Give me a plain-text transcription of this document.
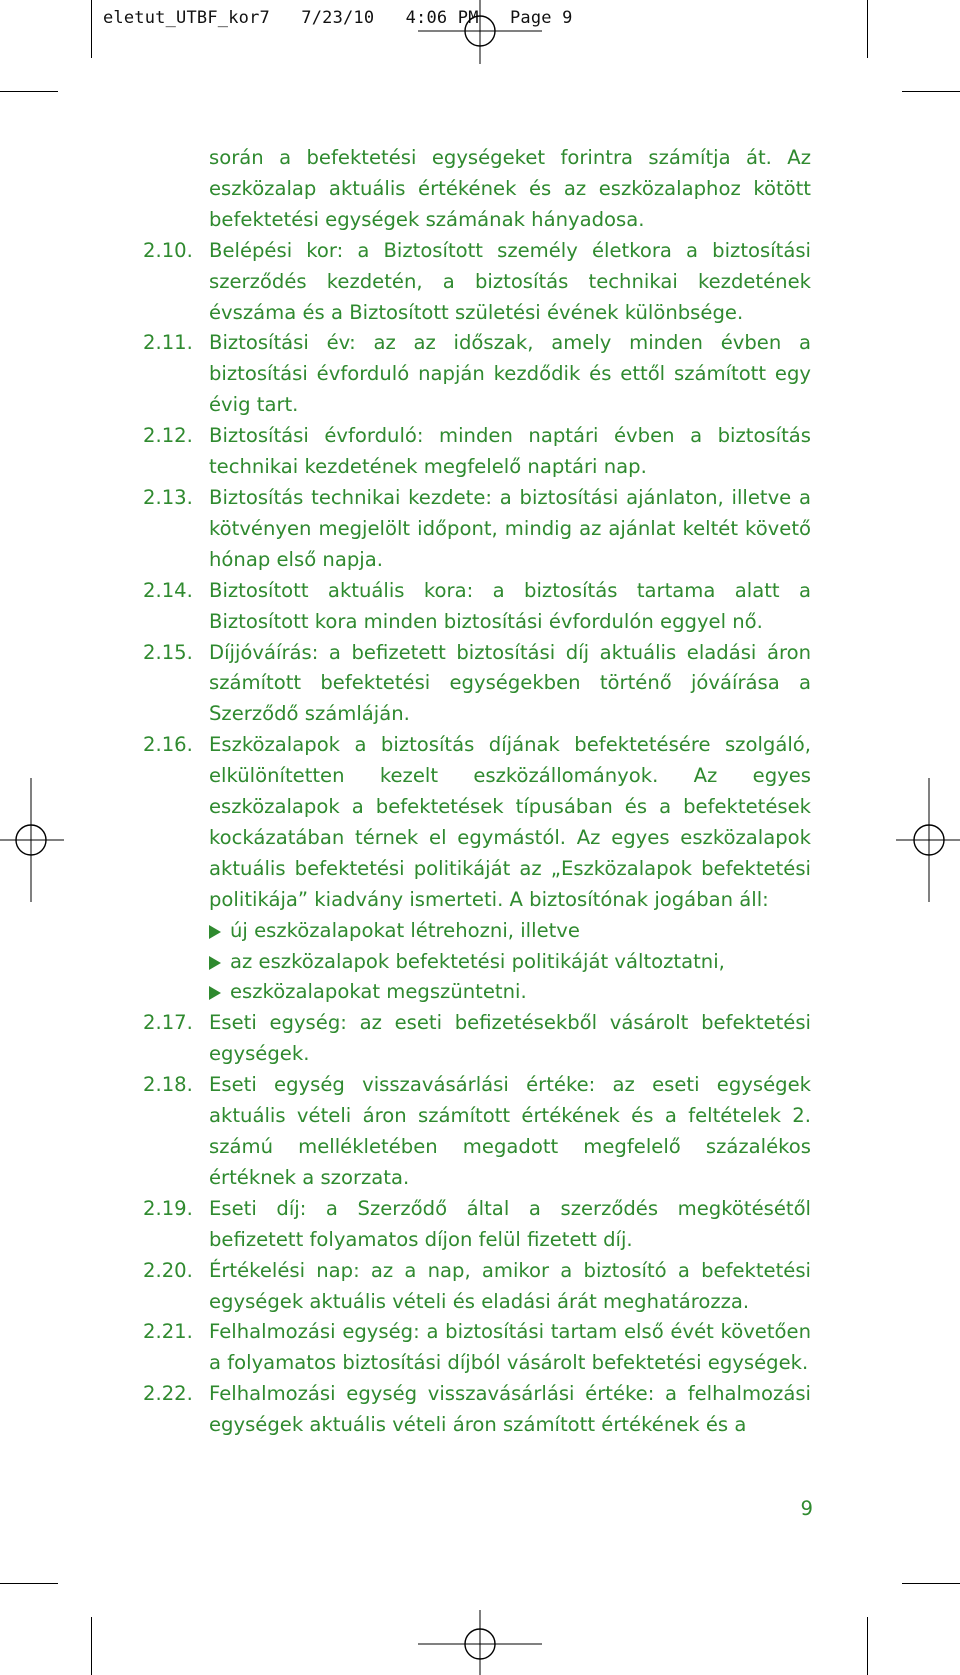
eletut_UTBF_kor7   7/23/10   4:06 PM   Page 9
során a befektetési egységeket forintra számítja át. Az eszközalap aktuális értékének és az eszközalaphoz kötött befektetési egységek számának hányadosa.
2.10. Belépési kor: a Biztosított személy életkora a biztosítási szerződés kezdetén, a biztosítás technikai kezdetének évszáma és a Biztosított születési évének különbsége.
2.11. Biztosítási év: az az időszak, amely minden évben a biztosítási évforduló napján kezdődik és ettől számított egy évig tart.
2.12. Biztosítási évforduló: minden naptári évben a biztosítás technikai kezdetének megfelelő naptári nap.
2.13. Biztosítás technikai kezdete: a biztosítási ajánlaton, illetve a kötvényen megjelölt időpont, mindig az ajánlat keltét követő hónap első napja.
2.14. Biztosított aktuális kora: a biztosítás tartama alatt a Biztosított kora minden biztosítási évfordulón eggyel nő.
2.15. Díjjóváírás: a befizetett biztosítási díj aktuális eladási áron számított befektetési egységekben történő jóváírása a Szerződő számláján.
2.16. Eszközalapok a biztosítás díjának befektetésére szolgáló, elkülönítetten kezelt eszközállományok. Az egyes eszközalapok a befektetések típusában és a befektetések kockázatában térnek el egymástól. Az egyes eszközalapok aktuális befektetési politikáját az „Eszközalapok befektetési politikája” kiadvány ismerteti. A biztosítónak jogában áll:
új eszközalapokat létrehozni, illetve
az eszközalapok befektetési politikáját változtatni,
eszközalapokat megszüntetni.
2.17. Eseti egység: az eseti befizetésekből vásárolt befektetési egységek.
2.18. Eseti egység visszavásárlási értéke: az eseti egységek aktuális vételi áron számított értékének és a feltételek 2. számú mellékletében megadott megfelelő százalékos értéknek a szorzata.
2.19. Eseti díj: a Szerződő által a szerződés megkötésétől befizetett folyamatos díjon felül fizetett díj.
2.20. Értékelési nap: az a nap, amikor a biztosító a befektetési egységek aktuális vételi és eladási árát meghatározza.
2.21. Felhalmozási egység: a biztosítási tartam első évét követően a folyamatos biztosítási díjból vásárolt befektetési egységek.
2.22. Felhalmozási egység visszavásárlási értéke: a felhalmozási egységek aktuális vételi áron számított értékének és a
9
